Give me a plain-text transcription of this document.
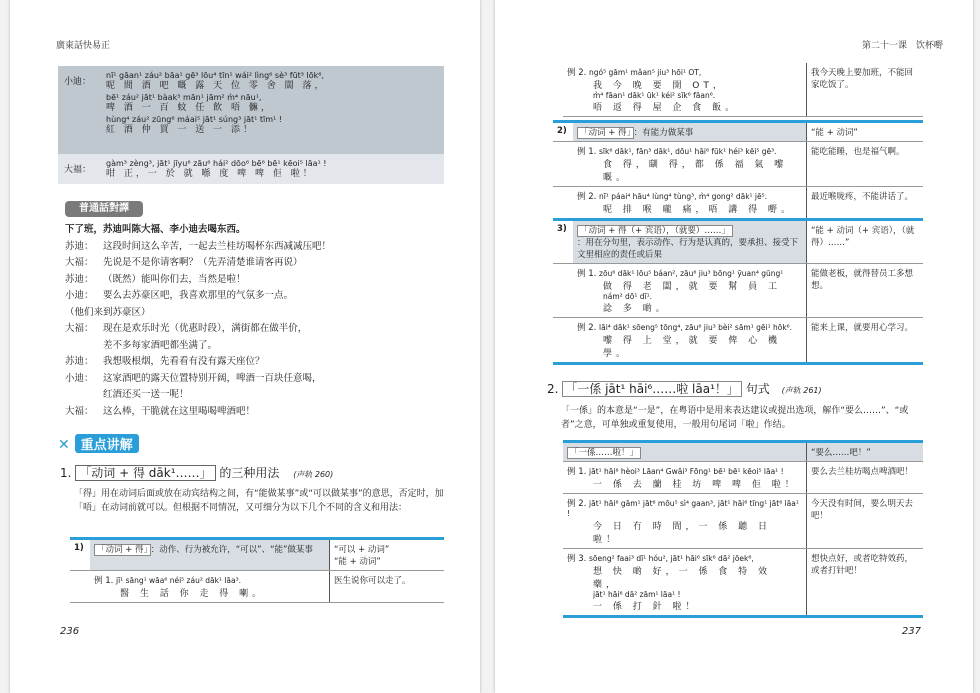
廣東話快易正
小迪：
nī¹ gāan¹ záu² bāa¹ gē³ lōu⁴ tīn¹ wái² lìng⁶ sè³ fūt³ lōk⁶,
呢 間 酒 吧 嘅 露 天 位 零 舍 闊 落，
bē¹ záu² jāt¹ bàak³ mān¹ jām² m̀⁴ nāu¹,
啤 酒 一 百 蚊 任 飲 唔 髍，
hùng⁴ záu² zūng⁶ máai⁵ jāt¹ súng³ jāt¹ tīm¹ !
紅 酒 仲 買 一 送 一 添！
大福：
gàm³ zèng³, jāt¹ jīyu⁶ zāu⁶ hái² dōo⁶ bē⁶ bē¹ kēoi⁵ lāa¹ !
咁 正，一 於 就 喺 度 啤 啤 佢 啦！
普通話對譯
下了班，苏迪叫陈大福、李小迪去喝东西。
苏迪： 这段时间这么辛苦，一起去兰桂坊喝杯东西减减压吧！
大福： 先说是不是你请客啊？（先弄清楚谁请客再说）
苏迪： （既然）能叫你们去，当然是啦！
小迪： 要么去苏豪区吧，我喜欢那里的气氛多一点。
（他们来到苏豪区）
大福： 现在是欢乐时光（优惠时段），满街都在做半价，
差不多每家酒吧都坐满了。
苏迪： 我想吸根烟，先看看有没有露天座位？
小迪： 这家酒吧的露天位置特别开阔，啤酒一百块任意喝，
红酒还买一送一呢！
大福： 这么棒，干脆就在这里喝喝啤酒吧！
✕ 重点讲解
1. 「动词 + 得 dāk¹……」 的三种用法 (声轨 260)
「得」用在动词后面或放在动宾结构之间，有“能做某事”或“可以做某事”的意思，否定时，加「唔」在动词前就可以。但根据不同情况，又可细分为以下几个不同的含义和用法：
1)	「动词 + 得」 ：动作、行为被允许，“可以”、“能”做某事	“可以 + 动词”
“能 + 动词”

	例 1. jī¹ sāng¹ wāa⁶ néi⁵ záu² dāk¹ lāa³.
醫 生 話 你 走 得 喇。	医生说你可以走了。
236
第二十一课　饮杯嘢
例 2. ngó⁵ gām¹ mâan⁵ jiu³ hōi¹ OT,
我 今 晚 要 開 OT，
m̀⁴ fāan¹ dāk¹ ūk¹ kéi² sīk⁶ fāan⁶.
唔 返 得 屋 企 食 飯。
	我今天晚上要加班，不能回家吃饭了。
2)	「动词 + 得」 ：有能力做某事	“能 + 动词”
	例 1. sīk⁶ dāk¹, fān³ dāk¹, dōu¹ hāi⁶ fūk¹ héi³ kēi⁵ gē³.
食 得，瞓 得，都 係 福 氣 嚟 嘅。	能吃能睡，也是福气啊。
	例 2. nī¹ páai⁴ hāu⁴ lùng⁴ tùng³, m̀⁴ gong² dāk¹ jē⁵.
呢 排 喉 嚨 痛，唔 講 得 嘢。	最近喉咙疼，不能讲话了。
3)	「动词 + 得（+ 宾语），（就要）……」
：用在分句里，表示动作、行为是认真的，要承担、接受下文里相应的责任或后果	“能 + 动词（+ 宾语），（就得）……”
	例 1. zōu⁶ dāk¹ lōu⁵ báan², zāu⁶ jiu³ bōng¹ ȳuan⁴ gūng¹
做 得 老 闆，就 要 幫 員 工
nám² dō¹ dī¹.
諗 多 啲。	能做老板，就得替员工多想想。
	例 2. lāi⁴ dāk¹ sōeng⁵ tōng⁴, zāu⁶ jiu³ bèi² sām¹ gēi¹ hōk⁶.
嚟 得 上 堂，就 要 俾 心 機 學。	能来上课，就要用心学习。
2. 「一係 jāt¹ hāi⁶……啦 lāa¹！」 句式 (声轨 261)
「一係」的本意是“一是”，在粤语中是用来表达建议或提出选项，解作“要么……”、“或者”之意，可单独或重复使用，一般用句尾词「啦」作结。
「一係……啦！」	“要么……吧！”
例 1. jāt¹ hāi⁶ hèoi³ Lāan⁴ Gwāi³ Fōng¹ bē¹ bē¹ kēoi⁵ lāa¹ !
一 係 去 蘭 桂 坊 啤 啤 佢 啦！	要么去兰桂坊喝点啤酒吧！
例 2. jāt¹ hāi⁶ gām¹ jāt⁶ mōu⁵ sì⁴ gaan³, jāt¹ hāi⁶ tīng¹ jāt⁶ lāa¹ !
今 日 冇 時 間，一 係 聽 日 啦！	今天没有时间，要么明天去吧！
例 3. sōeng² faai³ dī¹ hóu², jāt¹ hāi⁶ sīk⁶ dā² jōek⁶,
想 快 啲 好，一 係 食 特 效 藥，
jāt¹ hāi⁶ dā² zām¹ lāa¹ !
一 係 打 針 啦！	想快点好，或者吃特效药，或者打针吧！
237
